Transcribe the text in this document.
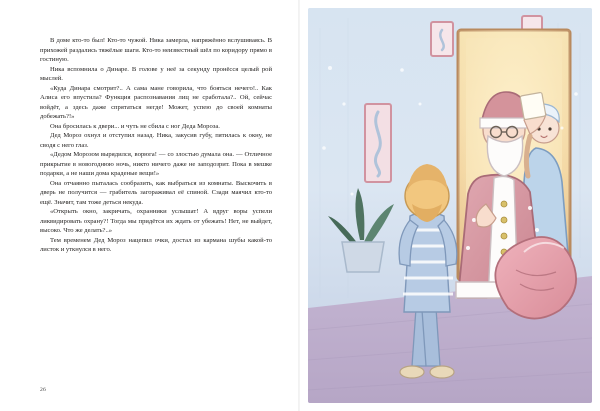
В доме кто-то был! Кто-то чужой. Ника замерла, напряжённо вслушиваясь. В прихожей раздались тяжёлые шаги. Кто-то неизвестный шёл по коридору прямо в гостиную.

Ника вспомнила о Динаре. В голове у неё за секунду пронёсся целый рой мыслей.

«Куда Динара смотрит?.. А сама мане говорила, что бояться нечего!.. Как Алиса его впустила? Функция распознавания лиц не сработала?.. Ой, сейчас войдёт, а здесь даже спрятаться негде! Может, успею до своей комнаты добежать?!»

Она бросилась к двери... и чуть не сбила с ног Деда Мороза.

Дед Мороз охнул и отступил назад. Ника, закусив губу, пятилась к окну, не сводя с него глаз.

«Дедом Морозом вырядился, ворюга! — со злостью думала она. — Отличное прикрытие в новогоднюю ночь, никто ничего даже не заподозрит. Пока в мешке подарки, а не наши дома краденые вещи!»

Она отчаянно пыталась сообразить, как выбраться из комнаты. Выскочить в дверь не получится — грабитель загораживал её спиной. Сзади маячил кто-то ещё. Значит, там тоже деться некуда.

«Открыть окно, закричать, охранники услышат! А вдруг воры успели ликвидировать охрану?! Тогда мы придётся их ждать от убежать! Нет, не выйдет, высоко. Что же делать?..»

Тем временем Дед Мороз нацепил очки, достал из кармана шубы какой-то листок и уткнулся в него.

26
